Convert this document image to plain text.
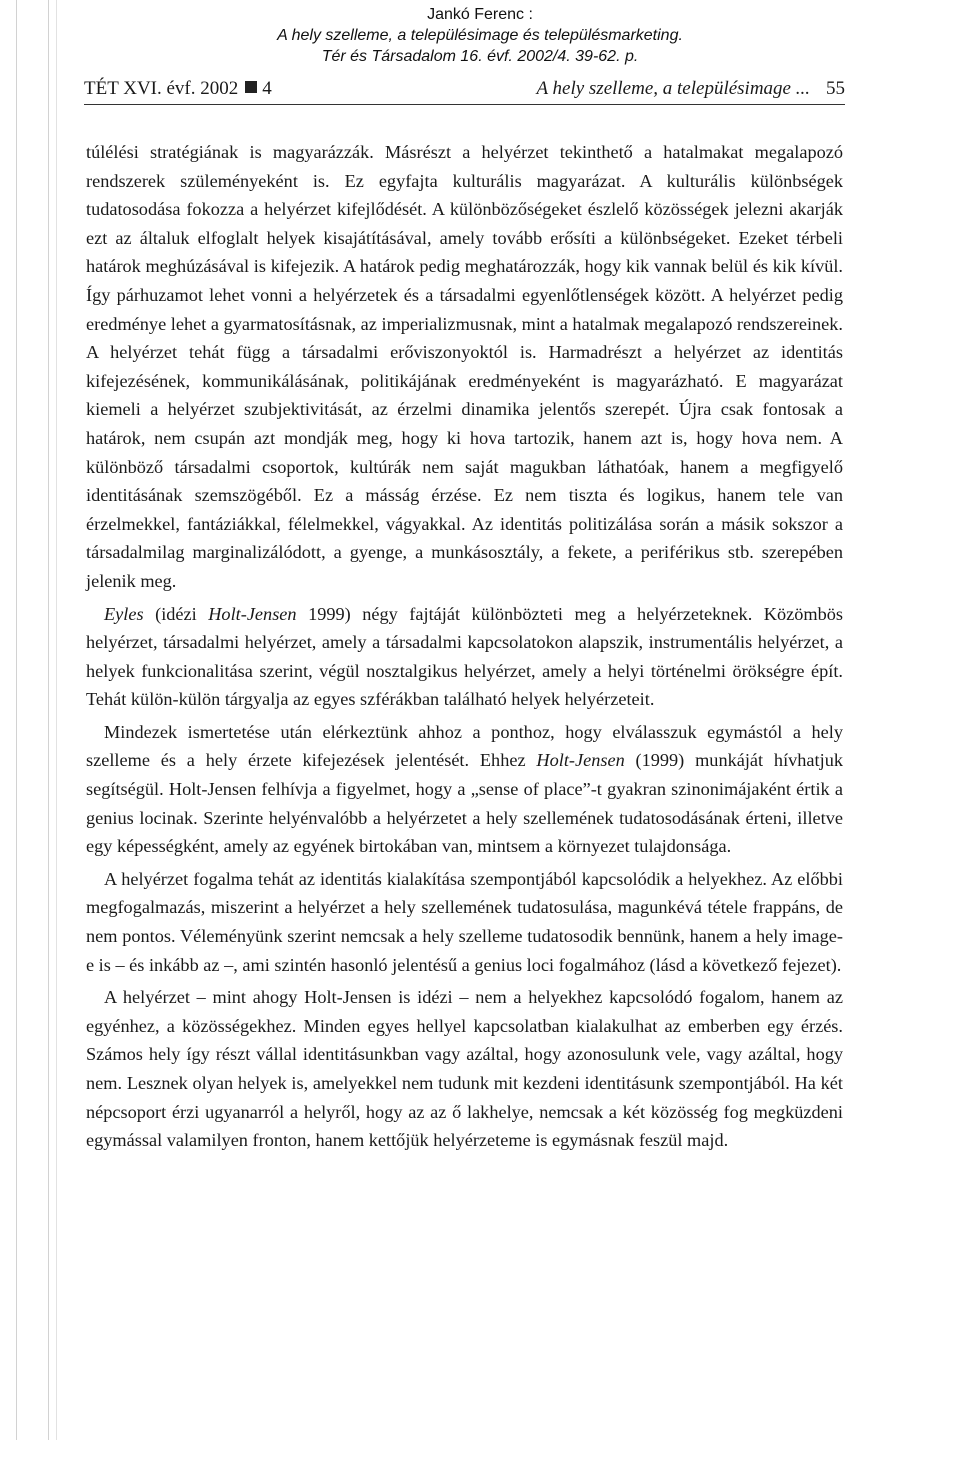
Jankó Ferenc :
A hely szelleme, a településimage és településmarketing.
Tér és Társadalom 16. évf. 2002/4. 39-62. p.
TÉT XVI. évf. 2002 4	A hely szelleme, a településimage ... 55

túlélési stratégiának is magyarázzák. Másrészt a helyérzet tekinthető a hatalmakat megalapozó rendszerek szüleményeként is. Ez egyfajta kulturális magyarázat. A kulturális különbségek tudatosodása fokozza a helyérzet kifejlődését. A különbözőségeket észlelő közösségek jelezni akarják ezt az általuk elfoglalt helyek kisajátításával, amely tovább erősíti a különbségeket. Ezeket térbeli határok meghúzásával is kifejezik. A határok pedig meghatározzák, hogy kik vannak belül és kik kívül. Így párhuzamot lehet vonni a helyérzetek és a társadalmi egyenlőtlenségek között. A helyérzet pedig eredménye lehet a gyarmatosításnak, az imperializmusnak, mint a hatalmak megalapozó rendszereinek. A helyérzet tehát függ a társadalmi erőviszonyoktól is. Harmadrészt a helyérzet az identitás kifejezésének, kommunikálásának, politikájának eredményeként is magyarázható. E magyarázat kiemeli a helyérzet szubjektivitását, az érzelmi dinamika jelentős szerepét. Újra csak fontosak a határok, nem csupán azt mondják meg, hogy ki hova tartozik, hanem azt is, hogy hova nem. A különböző társadalmi csoportok, kultúrák nem saját magukban láthatóak, hanem a megfigyelő identitásának szemszögéből. Ez a másság érzése. Ez nem tiszta és logikus, hanem tele van érzelmekkel, fantáziákkal, félelmekkel, vágyakkal. Az identitás politizálása során a másik sokszor a társadalmilag marginalizálódott, a gyenge, a munkásosztály, a fekete, a periférikus stb. szerepében jelenik meg.

Eyles (idézi Holt-Jensen 1999) négy fajtáját különbözteti meg a helyérzeteknek. Közömbös helyérzet, társadalmi helyérzet, amely a társadalmi kapcsolatokon alapszik, instrumentális helyérzet, a helyek funkcionalitása szerint, végül nosztalgikus helyérzet, amely a helyi történelmi örökségre épít. Tehát külön-külön tárgyalja az egyes szférákban található helyek helyérzeteit.

Mindezek ismertetése után elérkeztünk ahhoz a ponthoz, hogy elválasszuk egymástól a hely szelleme és a hely érzete kifejezések jelentését. Ehhez Holt-Jensen (1999) munkáját hívhatjuk segítségül. Holt-Jensen felhívja a figyelmet, hogy a „sense of place”-t gyakran szinonimájaként értik a genius locinak. Szerinte helyénvalóbb a helyérzetet a hely szellemének tudatosodásának érteni, illetve egy képességként, amely az egyének birtokában van, mintsem a környezet tulajdonsága.

A helyérzet fogalma tehát az identitás kialakítása szempontjából kapcsolódik a helyekhez. Az előbbi megfogalmazás, miszerint a helyérzet a hely szellemének tudatosulása, magunkévá tétele frappáns, de nem pontos. Véleményünk szerint nemcsak a hely szelleme tudatosodik bennünk, hanem a hely image-e is – és inkább az –, ami szintén hasonló jelentésű a genius loci fogalmához (lásd a következő fejezet).

A helyérzet – mint ahogy Holt-Jensen is idézi – nem a helyekhez kapcsolódó fogalom, hanem az egyénhez, a közösségekhez. Minden egyes hellyel kapcsolatban kialakulhat az emberben egy érzés. Számos hely így részt vállal identitásunkban vagy azáltal, hogy azonosulunk vele, vagy azáltal, hogy nem. Lesznek olyan helyek is, amelyekkel nem tudunk mit kezdeni identitásunk szempontjából. Ha két népcsoport érzi ugyanarról a helyről, hogy az az ő lakhelye, nemcsak a két közösség fog megküzdeni egymással valamilyen fronton, hanem kettőjük helyérzeteme is egymásnak feszül majd.
